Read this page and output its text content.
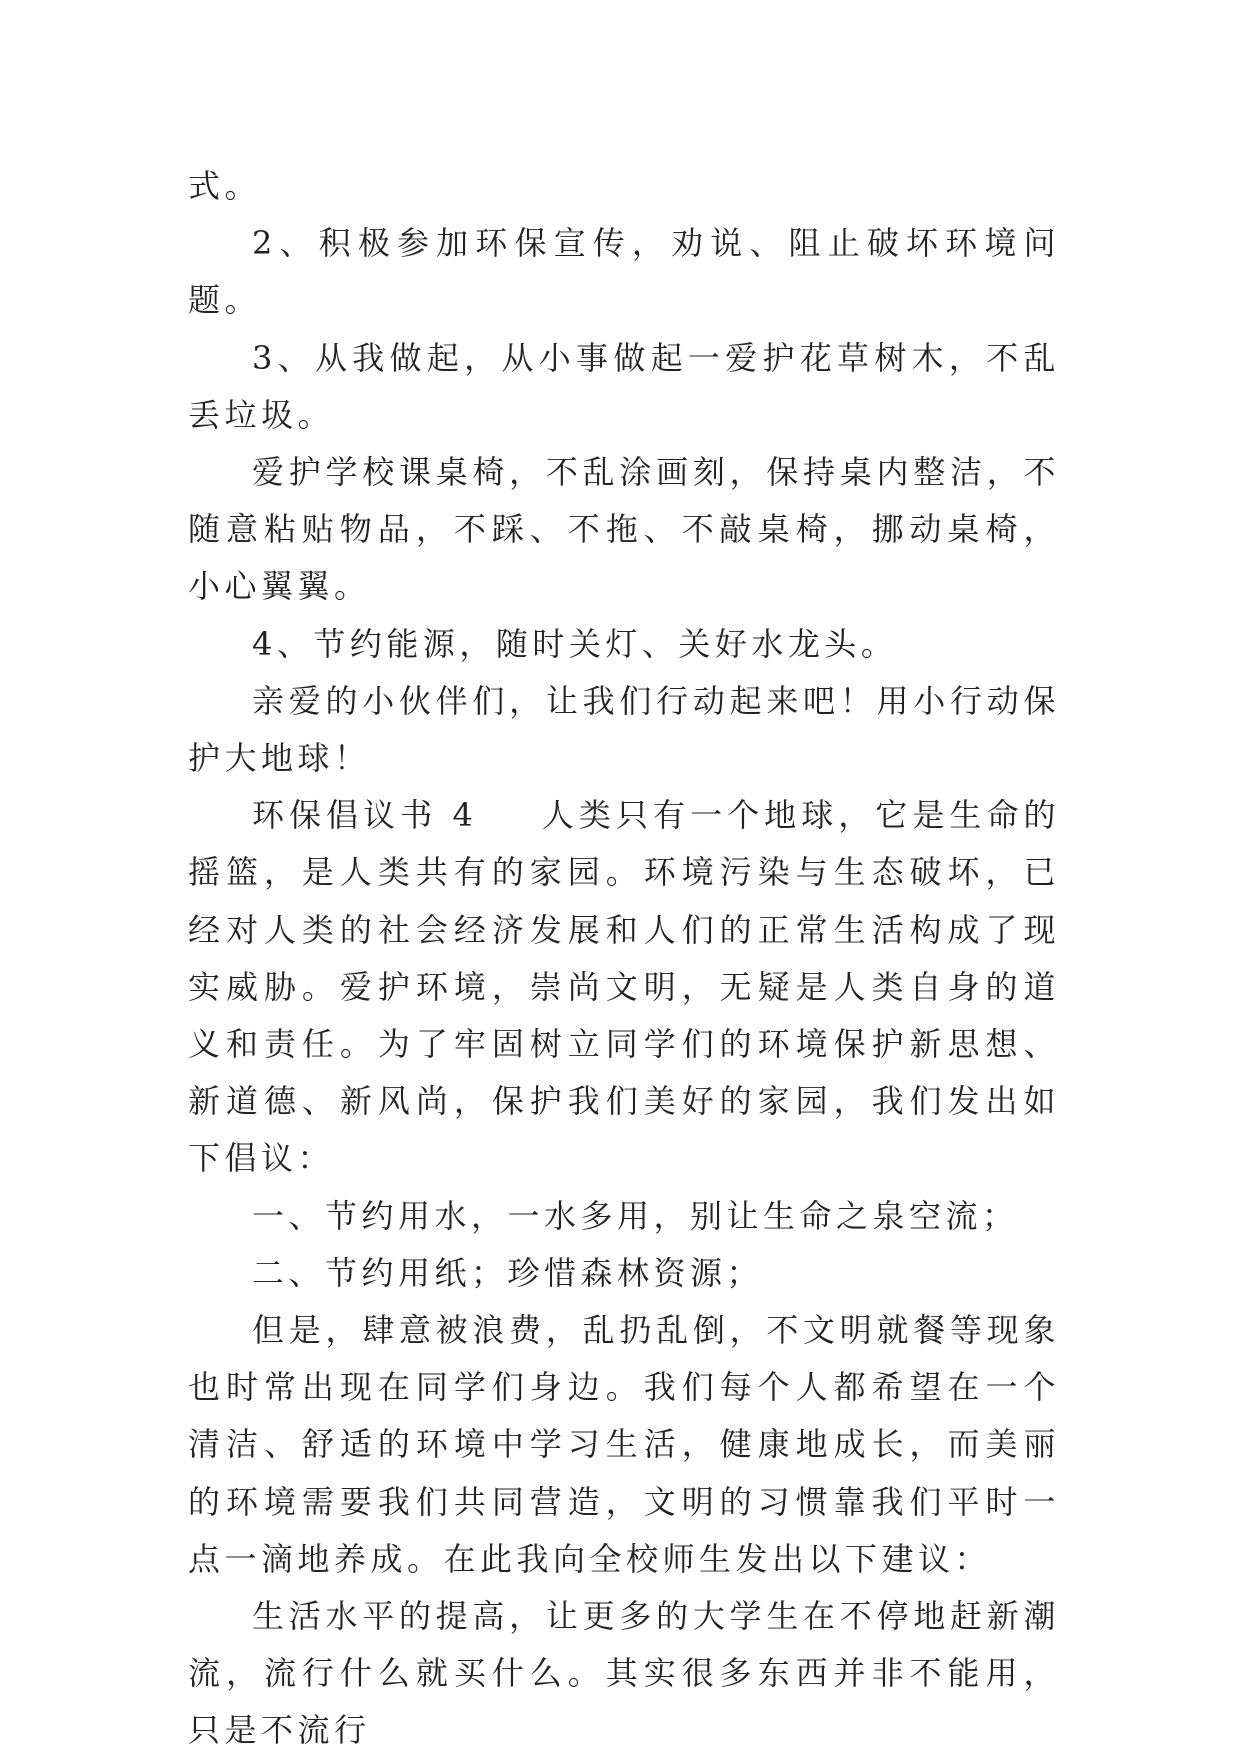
式。

2、积极参加环保宣传，劝说、阻止破坏环境问题。

3、从我做起，从小事做起一爱护花草树木，不乱丢垃圾。

爱护学校课桌椅，不乱涂画刻，保持桌内整洁，不随意粘贴物品，不踩、不拖、不敲桌椅，挪动桌椅，小心翼翼。

4、节约能源，随时关灯、关好水龙头。

亲爱的小伙伴们，让我们行动起来吧！用小行动保护大地球！

环保倡议书 4 人类只有一个地球，它是生命的摇篮，是人类共有的家园。环境污染与生态破坏，已经对人类的社会经济发展和人们的正常生活构成了现实威胁。爱护环境，崇尚文明，无疑是人类自身的道义和责任。为了牢固树立同学们的环境保护新思想、新道德、新风尚，保护我们美好的家园，我们发出如下倡议：

一、节约用水，一水多用，别让生命之泉空流；

二、节约用纸；珍惜森林资源；

但是，肆意被浪费，乱扔乱倒，不文明就餐等现象也时常出现在同学们身边。我们每个人都希望在一个清洁、舒适的环境中学习生活，健康地成长，而美丽的环境需要我们共同营造，文明的习惯靠我们平时一点一滴地养成。在此我向全校师生发出以下建议：

生活水平的提高，让更多的大学生在不停地赶新潮流，流行什么就买什么。其实很多东西并非不能用，只是不流行
